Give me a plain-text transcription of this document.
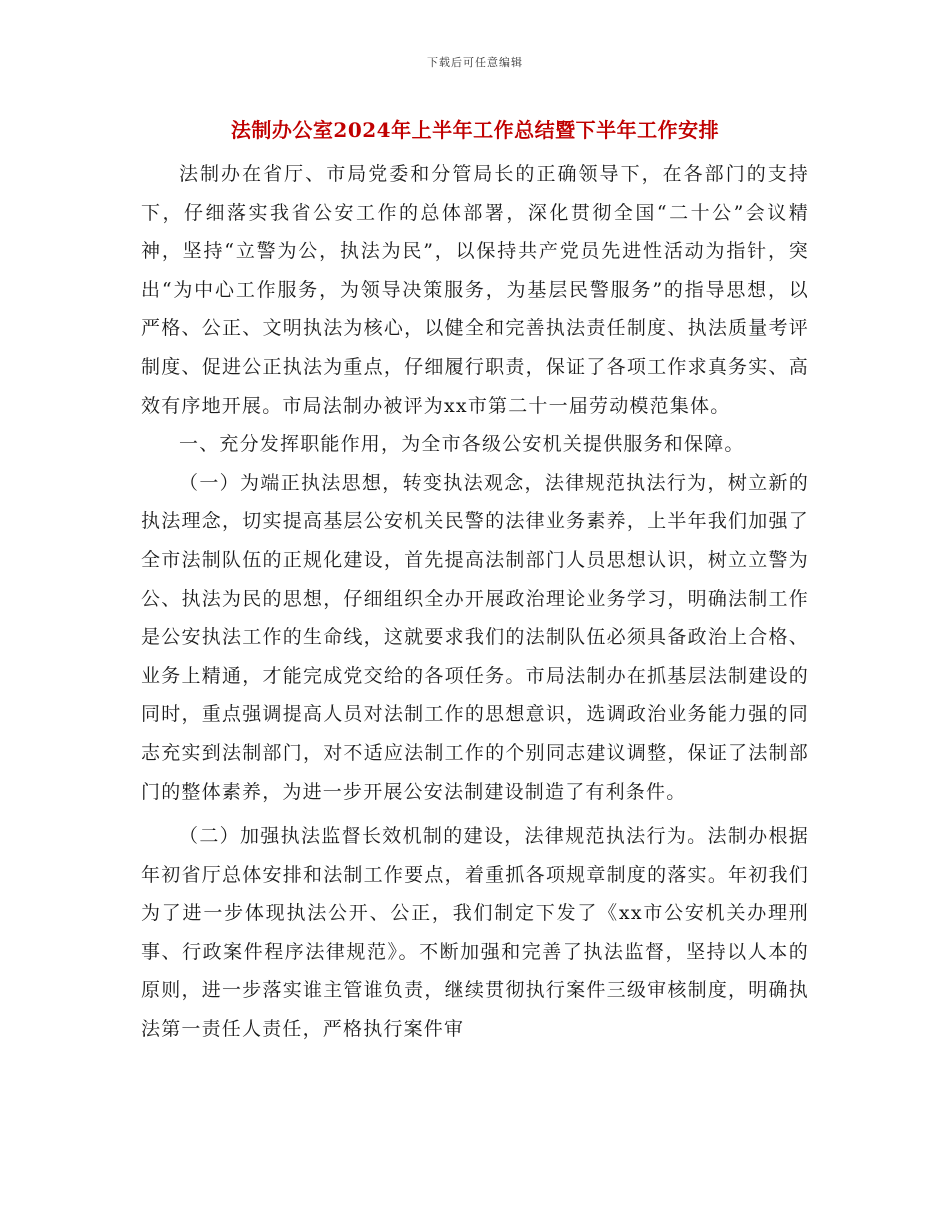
下载后可任意编辑
法制办公室2024年上半年工作总结暨下半年工作安排

法制办在省厅、市局党委和分管局长的正确领导下，在各部门的支持下，仔细落实我省公安工作的总体部署，深化贯彻全国“二十公”会议精神，坚持“立警为公，执法为民”，以保持共产党员先进性活动为指针，突出“为中心工作服务，为领导决策服务，为基层民警服务”的指导思想，以严格、公正、文明执法为核心，以健全和完善执法责任制度、执法质量考评制度、促进公正执法为重点，仔细履行职责，保证了各项工作求真务实、高效有序地开展。市局法制办被评为xx市第二十一届劳动模范集体。

一、充分发挥职能作用，为全市各级公安机关提供服务和保障。

（一）为端正执法思想，转变执法观念，法律规范执法行为，树立新的执法理念，切实提高基层公安机关民警的法律业务素养，上半年我们加强了全市法制队伍的正规化建设，首先提高法制部门人员思想认识，树立立警为公、执法为民的思想，仔细组织全办开展政治理论业务学习，明确法制工作是公安执法工作的生命线，这就要求我们的法制队伍必须具备政治上合格、业务上精通，才能完成党交给的各项任务。市局法制办在抓基层法制建设的同时，重点强调提高人员对法制工作的思想意识，选调政治业务能力强的同志充实到法制部门，对不适应法制工作的个别同志建议调整，保证了法制部门的整体素养，为进一步开展公安法制建设制造了有利条件。

（二）加强执法监督长效机制的建设，法律规范执法行为。法制办根据年初省厅总体安排和法制工作要点，着重抓各项规章制度的落实。年初我们为了进一步体现执法公开、公正，我们制定下发了《xx市公安机关办理刑事、行政案件程序法律规范》。不断加强和完善了执法监督，坚持以人本的原则，进一步落实谁主管谁负责，继续贯彻执行案件三级审核制度，明确执法第一责任人责任，严格执行案件审
